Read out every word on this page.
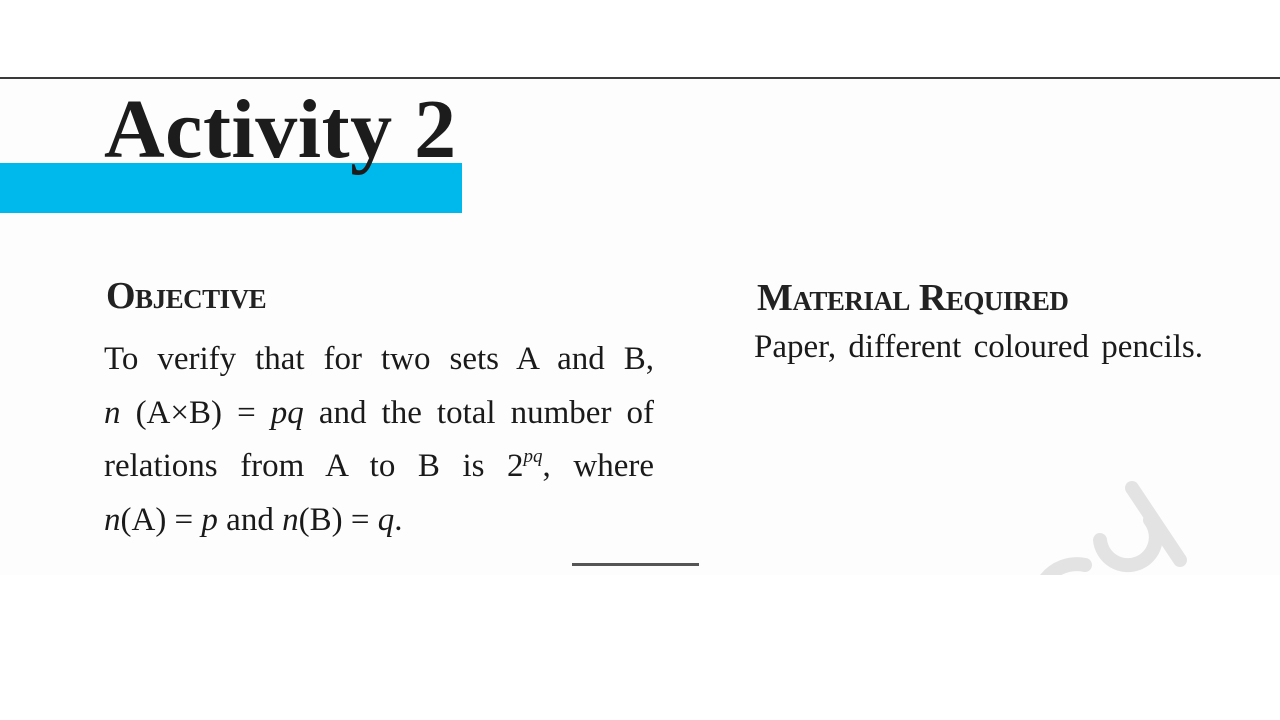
Activity 2
Objective
To verify that for two sets A and B,
n (A×B) = pq and the total number of
relations from A to B is $2^{pq}$, where
n(A) = p and n(B) = q.
Material Required
Paper, different coloured pencils.
